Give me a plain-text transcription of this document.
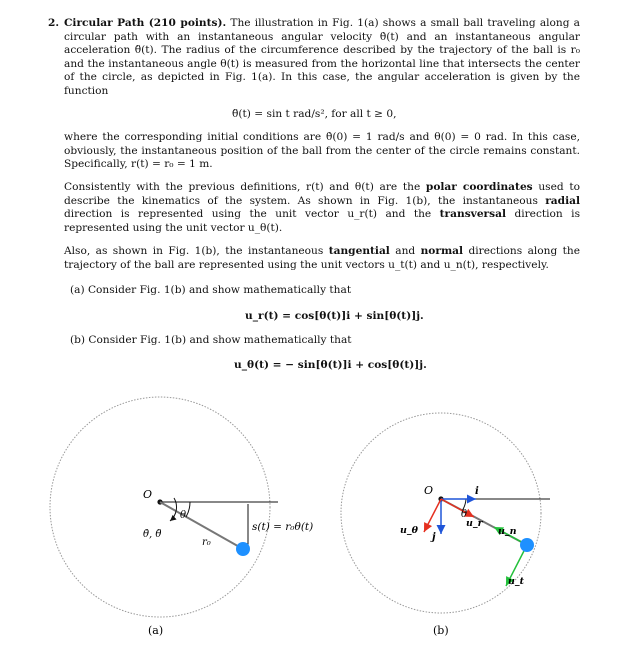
2. Circular Path (210 points). The illustration in Fig. 1(a) shows a small ball traveling along a circular path with an instantaneous angular velocity θ̇(t) and an instantaneous angular acceleration θ̈(t). The radius of the circumference described by the trajectory of the ball is r₀ and the instantaneous angle θ(t) is measured from the horizontal line that intersects the center of the circle, as depicted in Fig. 1(a). In this case, the angular acceleration is given by the function
θ̈(t) = sin t rad/s², for all t ≥ 0,
where the corresponding initial conditions are θ̇(0) = 1 rad/s and θ(0) = 0 rad. In this case, obviously, the instantaneous position of the ball from the center of the circle remains constant. Specifically, r(t) = r₀ = 1 m.
Consistently with the previous definitions, r(t) and θ(t) are the polar coordinates used to describe the kinematics of the system. As shown in Fig. 1(b), the instantaneous radial direction is represented using the unit vector u_r(t) and the transversal direction is represented using the unit vector u_θ(t).
Also, as shown in Fig. 1(b), the instantaneous tangential and normal directions along the trajectory of the ball are represented using the unit vectors u_t(t) and u_n(t), respectively.
(a) Consider Fig. 1(b) and show mathematically that
u_r(t) = cos[θ(t)]i + sin[θ(t)]j.
(b) Consider Fig. 1(b) and show mathematically that
u_θ(t) = − sin[θ(t)]i + cos[θ(t)]j.
O
θ
θ̇, θ̈
r₀
s(t) = r₀θ(t)
(a)
O
θ
i
j
u_r
u_n
u_θ
u_t
(b)
